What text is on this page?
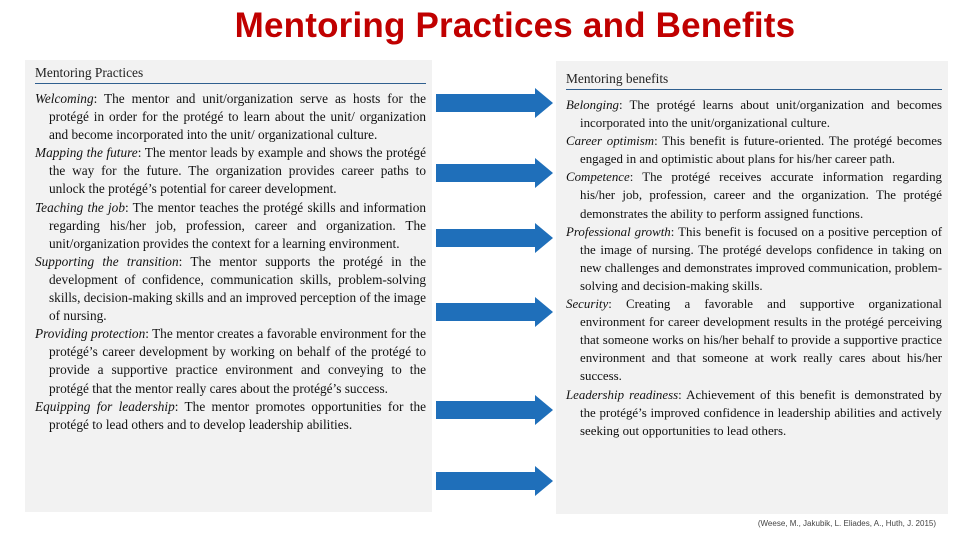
Mentoring Practices and Benefits
Mentoring Practices
Welcoming: The mentor and unit/organization serve as hosts for the protégé in order for the protégé to learn about the unit/ organization and become incorporated into the unit/ organizational culture.
Mapping the future: The mentor leads by example and shows the protégé the way for the future. The organization provides career paths to unlock the protégé’s potential for career development.
Teaching the job: The mentor teaches the protégé skills and information regarding his/her job, profession, career and organization. The unit/organization provides the context for a learning environment.
Supporting the transition: The mentor supports the protégé in the development of confidence, communication skills, problem-solving skills, decision-making skills and an improved perception of the image of nursing.
Providing protection: The mentor creates a favorable environment for the protégé’s career development by working on behalf of the protégé to provide a supportive practice environment and conveying to the protégé that the mentor really cares about the protégé’s success.
Equipping for leadership: The mentor promotes opportunities for the protégé to lead others and to develop leadership abilities.
Mentoring benefits
Belonging: The protégé learns about unit/organization and becomes incorporated into the unit/organizational culture.
Career optimism: This benefit is future-oriented. The protégé becomes engaged in and optimistic about plans for his/her career path.
Competence: The protégé receives accurate information regarding his/her job, profession, career and the organization. The protégé demonstrates the ability to perform assigned functions.
Professional growth: This benefit is focused on a positive perception of the image of nursing. The protégé develops confidence in taking on new challenges and demonstrates improved communication, problem-solving and decision-making skills.
Security: Creating a favorable and supportive organizational environment for career development results in the protégé perceiving that someone works on his/her behalf to provide a supportive practice environment and that someone at work really cares about his/her success.
Leadership readiness: Achievement of this benefit is demonstrated by the protégé’s improved confidence in leadership abilities and actively seeking out opportunities to lead others.
(Weese, M., Jakubik, L. Eliades, A., Huth, J. 2015)
